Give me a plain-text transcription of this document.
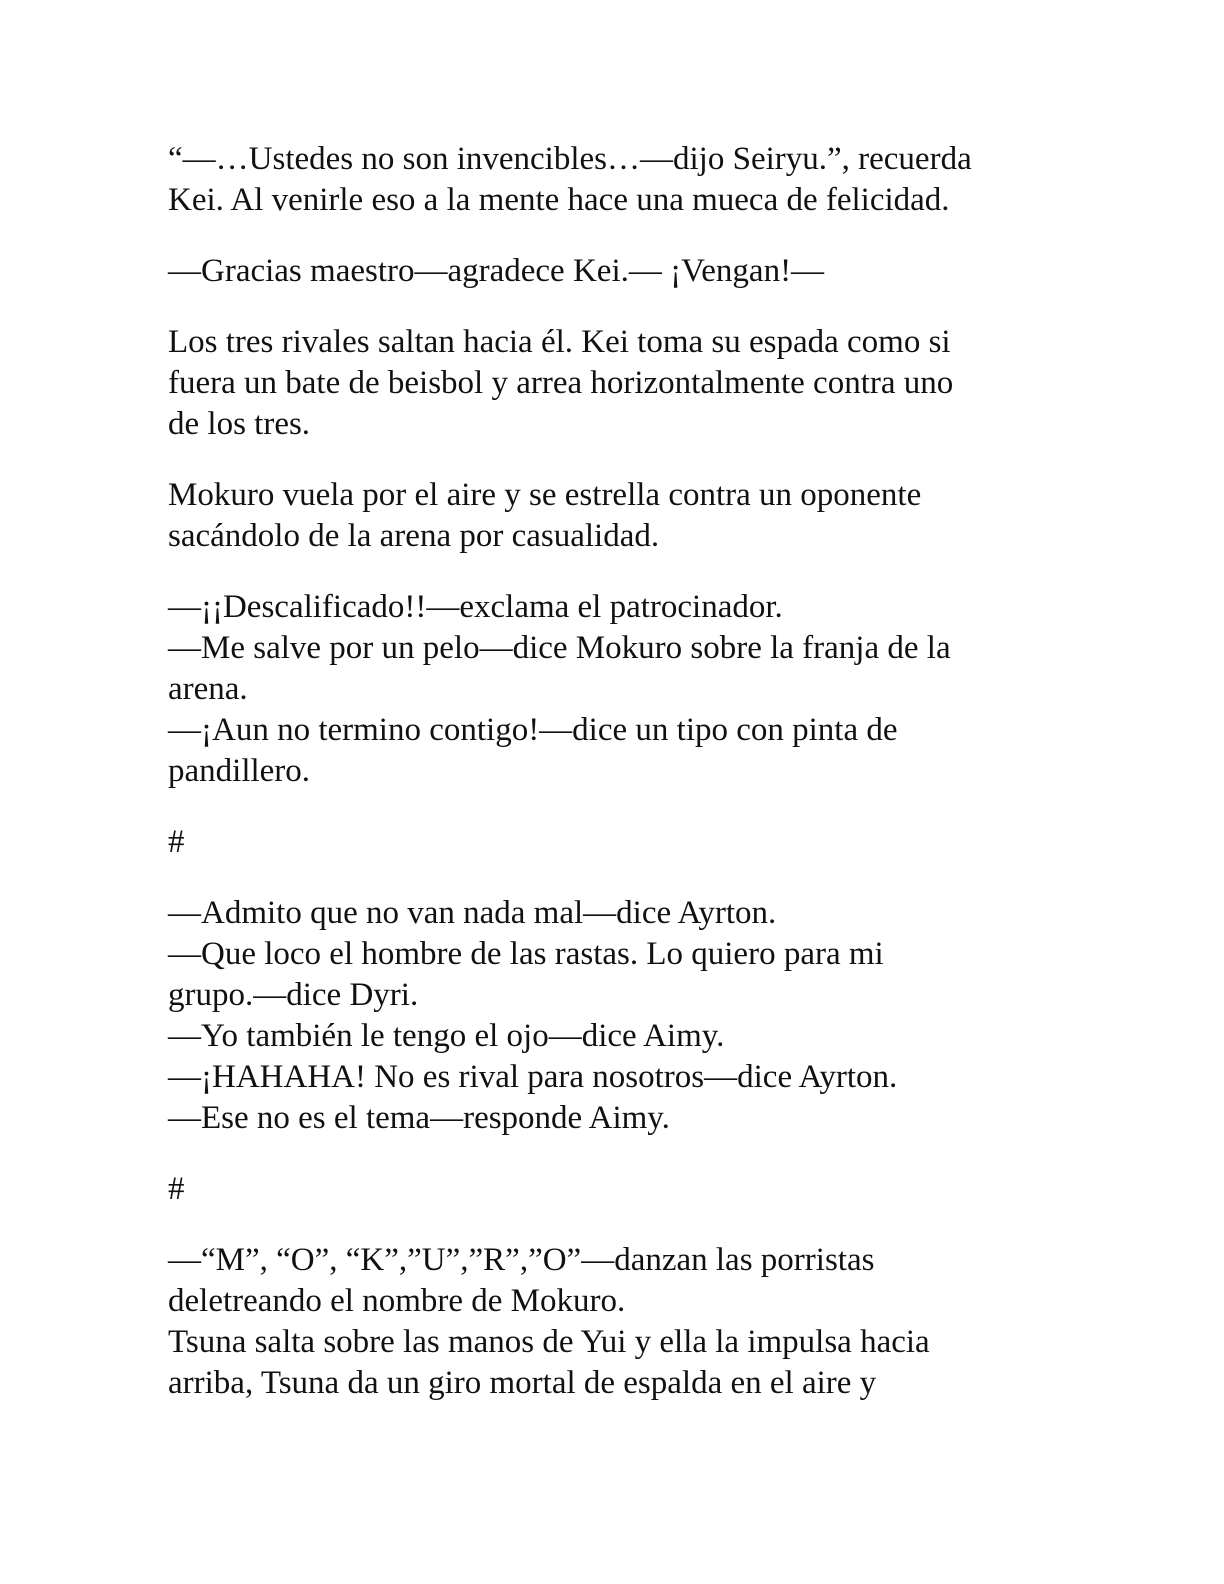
“—…Ustedes no son invencibles…—dijo Seiryu.”, recuerda
Kei. Al venirle eso a la mente hace una mueca de felicidad.

—Gracias maestro—agradece Kei.— ¡Vengan!—

Los tres rivales saltan hacia él. Kei toma su espada como si
fuera un bate de beisbol y arrea horizontalmente contra uno
de los tres.

Mokuro vuela por el aire y se estrella contra un oponente
sacándolo de la arena por casualidad.

—¡¡Descalificado!!—exclama el patrocinador.
—Me salve por un pelo—dice Mokuro sobre la franja de la
arena.
—¡Aun no termino contigo!—dice un tipo con pinta de
pandillero.

#

—Admito que no van nada mal—dice Ayrton.
—Que loco el hombre de las rastas. Lo quiero para mi
grupo.—dice Dyri.
—Yo también le tengo el ojo—dice Aimy.
—¡HAHAHA! No es rival para nosotros—dice Ayrton.
—Ese no es el tema—responde Aimy.

#

—“M”, “O”, “K”,”U”,”R”,”O”—danzan las porristas
deletreando el nombre de Mokuro.
Tsuna salta sobre las manos de Yui y ella la impulsa hacia
arriba, Tsuna da un giro mortal de espalda en el aire y
